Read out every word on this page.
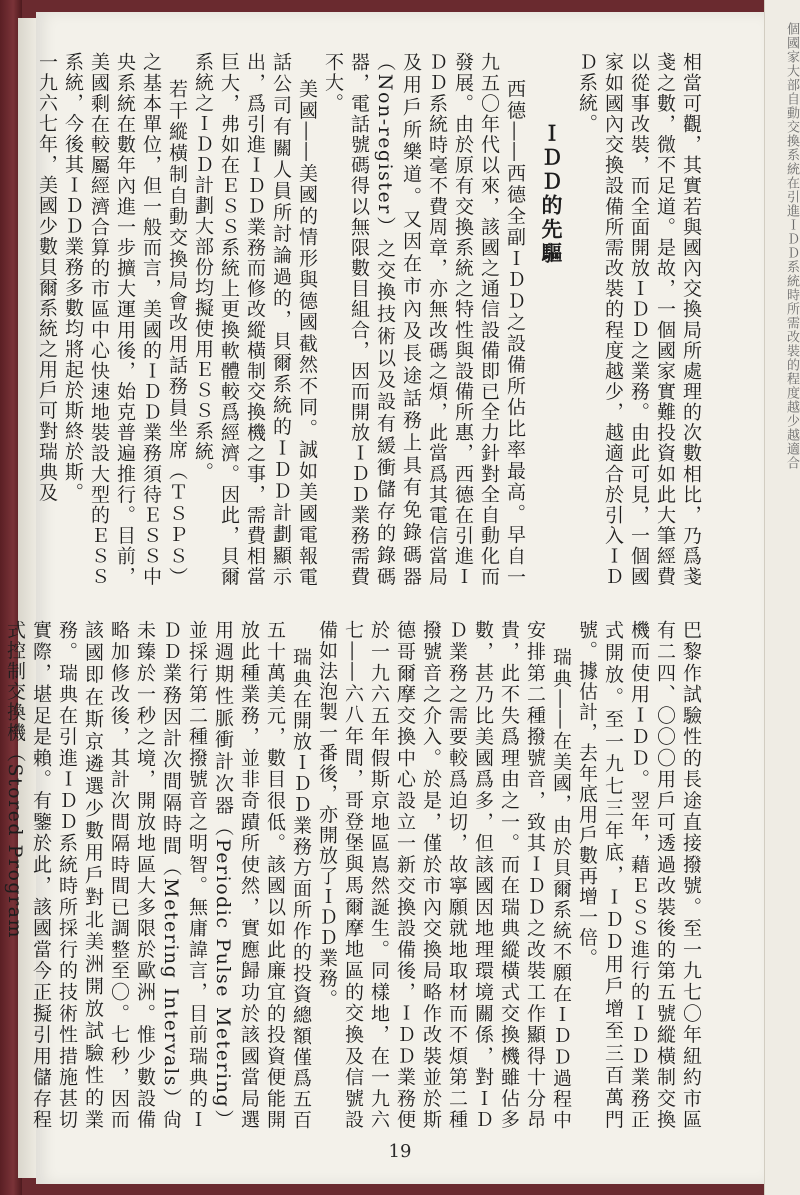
相當可觀，其實若與國內交換局所處理的次數相比，乃爲戔戔之數，微不足道。是故，一個國家實難投資如此大筆經費以從事改裝，而全面開放ＩＤＤ之業務。由此可見，一個國家如國內交換設備所需改裝的程度越少，越適合於引入ＩＤＤ系統。

ＩＤＤ的先驅

西德――西德全副ＩＤＤ之設備所佔比率最高。早自一九五〇年代以來，該國之通信設備即已全力針對全自動化而發展。由於原有交換系統之特性與設備所惠，西德在引進ＩＤＤ系統時毫不費周章，亦無改碼之煩，此當爲其電信當局及用戶所樂道。又因在市內及長途話務上具有免錄碼器（Non-register）之交換技術以及設有緩衝儲存的錄碼器，電話號碼得以無限數目組合，因而開放ＩＤＤ業務需費不大。

美國――美國的情形與德國截然不同。誠如美國電報電話公司有關人員所討論過的，貝爾系統的ＩＤＤ計劃顯示出，爲引進ＩＤＤ業務而修改縱橫制交換機之事，需費相當巨大，弗如在ＥＳＳ系統上更換軟體較爲經濟。因此，貝爾系統之ＩＤＤ計劃大部份均擬使用ＥＳＳ系統。

若干縱橫制自動交換局會改用話務員坐席（ＴＳＰＳ）之基本單位，但一般而言，美國的ＩＤＤ業務須待ＥＳＳ中央系統在數年內進一步擴大運用後，始克普遍推行。目前，美國剩在較屬經濟合算的市區中心快速地裝設大型的ＥＳＳ系統，今後其ＩＤＤ業務多數均將起於斯終於斯。

一九六七年，美國少數貝爾系統之用戶可對瑞典及

巴黎作試驗性的長途直接撥號。至一九七〇年紐約市區有二四、〇〇〇用戶可透過改裝後的第五號縱橫制交換機而使用ＩＤＤ。翌年，藉ＥＳＳ進行的ＩＤＤ業務正式開放。至一九七三年底，ＩＤＤ用戶增至三百萬門號。據估計，去年底用戶數再增一倍。

瑞典――在美國，由於貝爾系統不願在ＩＤＤ過程中安排第二種撥號音，致其ＩＤＤ之改裝工作顯得十分昂貴，此不失爲理由之一。而在瑞典縱橫式交換機雖佔多數，甚乃比美國爲多，但該國因地理環境關係，對ＩＤＤ業務之需要較爲迫切，故寧願就地取材而不煩第二種撥號音之介入。於是，僅於市內交換局略作改裝並於斯德哥爾摩交換中心設立一新交換設備後，ＩＤＤ業務便於一九六五年假斯京地區嶌然誕生。同樣地，在一九六七――六八年間，哥登堡與馬爾摩地區的交換及信號設備如法泡製一番後，亦開放了ＩＤＤ業務。

瑞典在開放ＩＤＤ業務方面所作的投資總額僅爲五百五十萬美元，數目很低。該國以如此廉宜的投資便能開放此種業務，並非奇蹟所使然，實應歸功於該國當局選用週期性脈衝計次器（Periodic Pulse Metering）並採行第二種撥號音之明智。無庸諱言，目前瑞典的ＩＤＤ業務因計次間隔時間（Metering Intervals）尙未臻於一秒之境，開放地區大多限於歐洲。惟少數設備略加修改後，其計次間隔時間已調整至〇。七秒，因而該國即在斯京遴選少數用戶對北美洲開放試驗性的業務。瑞典在引進ＩＤＤ系統時所採行的技術性措施甚切實際，堪足是賴。有鑒於此，該國當今正擬引用儲存程式控制交換機（Stored Program

19
個國家大部自動交換系統在引進ＩＤＤ系統時所需改裝的程度越少越適合
